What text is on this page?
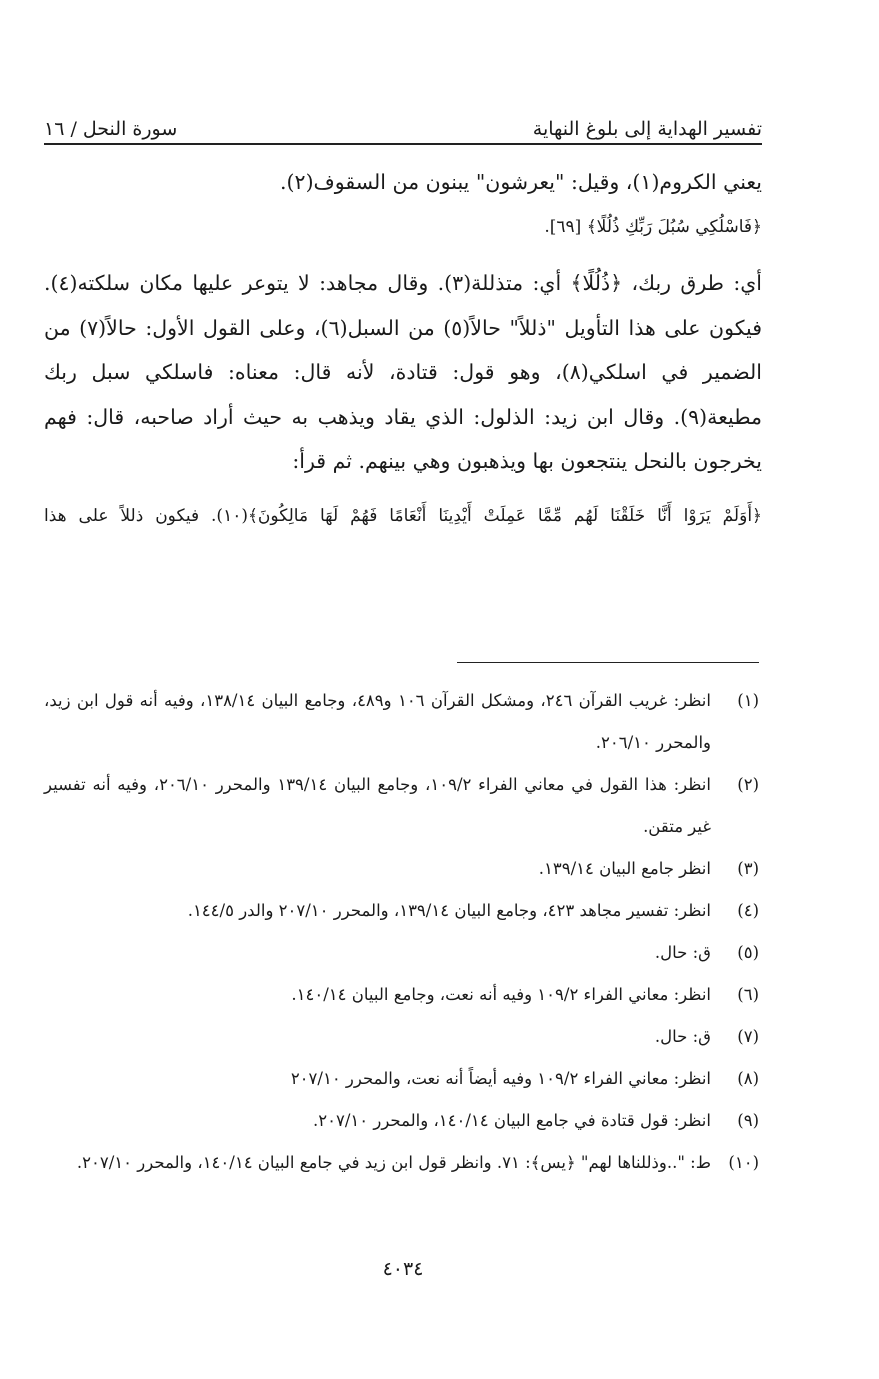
تفسير الهداية إلى بلوغ النهاية
سورة النحل / ١٦

يعني الكروم(١)، وقيل: "يعرشون" يبنون من السقوف(٢).

﴿فَاسْلُكِي سُبُلَ رَبِّكِ ذُلُلًا﴾ [٦٩].

أي: طرق ربك، ﴿ذُلُلًا﴾ أي: متذللة(٣). وقال مجاهد: لا يتوعر عليها مكان سلكته(٤). فيكون على هذا التأويل "ذللاً" حالاً(٥) من السبل(٦)، وعلى القول الأول: حالاً(٧) من الضمير في اسلكي(٨)، وهو قول: قتادة، لأنه قال: معناه: فاسلكي سبل ربك مطيعة(٩). وقال ابن زيد: الذلول: الذي يقاد ويذهب به حيث أراد صاحبه، قال: فهم يخرجون بالنحل ينتجعون بها ويذهبون وهي بينهم. ثم قرأ:

﴿أَوَلَمْ يَرَوْا أَنَّا خَلَقْنَا لَهُم مِّمَّا عَمِلَتْ أَيْدِينَا أَنْعَامًا فَهُمْ لَهَا مَالِكُونَ﴾(١٠). فيكون ذللاً على هذا

(١)
انظر: غريب القرآن ٢٤٦، ومشكل القرآن ١٠٦ و٤٨٩، وجامع البيان ١٣٨/١٤، وفيه أنه قول ابن زيد، والمحرر ٢٠٦/١٠.
(٢)
انظر: هذا القول في معاني الفراء ١٠٩/٢، وجامع البيان ١٣٩/١٤ والمحرر ٢٠٦/١٠، وفيه أنه تفسير غير متقن.
(٣)
انظر جامع البيان ١٣٩/١٤.
(٤)
انظر: تفسير مجاهد ٤٢٣، وجامع البيان ١٣٩/١٤، والمحرر ٢٠٧/١٠ والدر ١٤٤/٥.
(٥)
ق: حال.
(٦)
انظر: معاني الفراء ١٠٩/٢ وفيه أنه نعت، وجامع البيان ١٤٠/١٤.
(٧)
ق: حال.
(٨)
انظر: معاني الفراء ١٠٩/٢ وفيه أيضاً أنه نعت، والمحرر ٢٠٧/١٠
(٩)
انظر: قول قتادة في جامع البيان ١٤٠/١٤، والمحرر ٢٠٧/١٠.
(١٠)
ط: "..وذللناها لهم" ﴿يس﴾: ٧١. وانظر قول ابن زيد في جامع البيان ١٤٠/١٤، والمحرر ٢٠٧/١٠.
٤٠٣٤
